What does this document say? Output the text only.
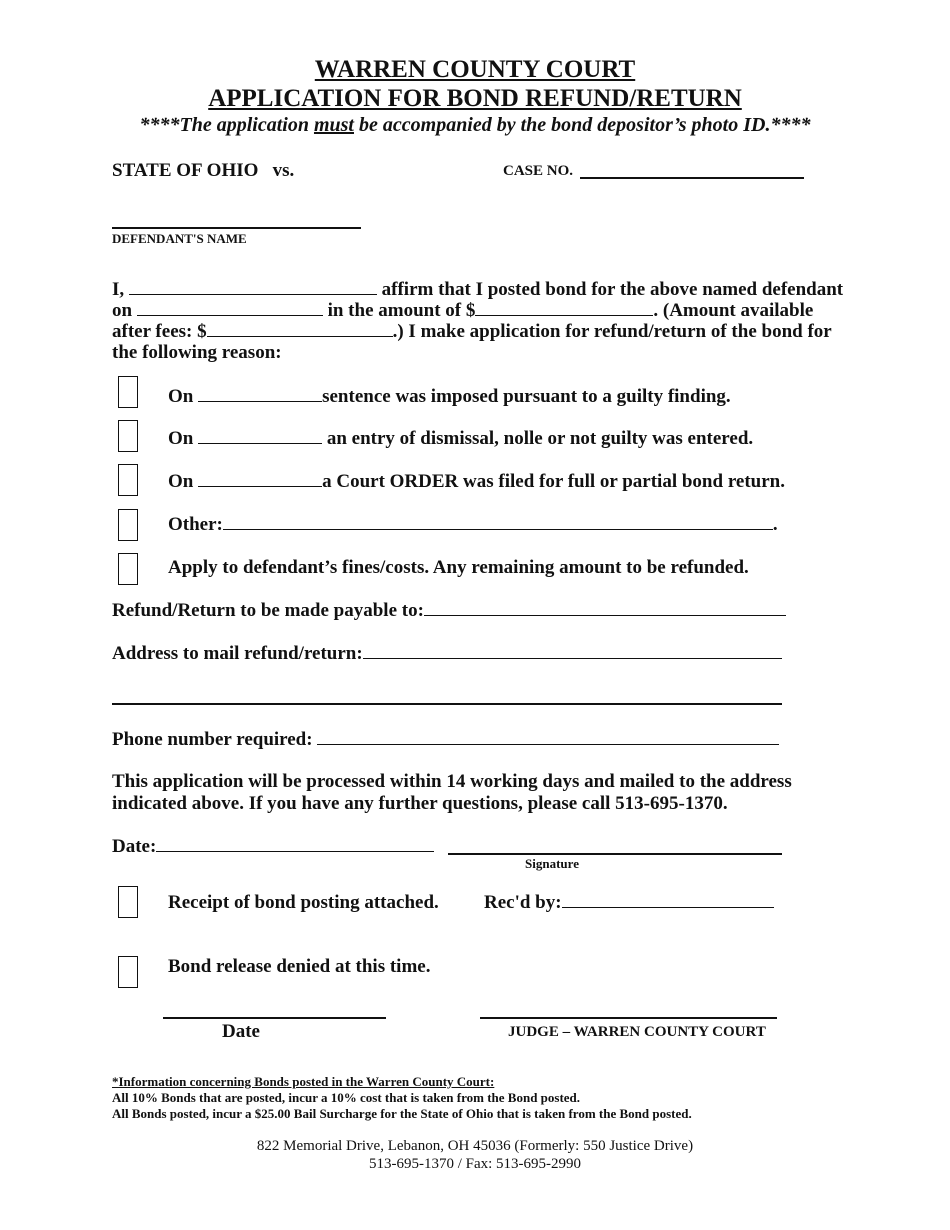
WARREN COUNTY COURT
APPLICATION FOR BOND REFUND/RETURN
****The application must be accompanied by the bond depositor’s photo ID.****
STATE OF OHIO vs.	CASE NO.
DEFENDANT'S NAME
I,	affirm that I posted bond for the above named defendant
on	in the amount of $	. (Amount available
after fees: $	.) I make application for refund/return of the bond for
the following reason:
On	sentence was imposed pursuant to a guilty finding.
On	an entry of dismissal, nolle or not guilty was entered.
On	a Court ORDER was filed for full or partial bond return.
Other:	.
Apply to defendant’s fines/costs. Any remaining amount to be refunded.
Refund/Return to be made payable to:
Address to mail refund/return:
Phone number required:
This application will be processed within 14 working days and mailed to the address
indicated above. If you have any further questions, please call 513-695-1370.
Date:
Signature
Receipt of bond posting attached. Rec'd by:
Bond release denied at this time.
Date	JUDGE – WARREN COUNTY COURT
*Information concerning Bonds posted in the Warren County Court:
All 10% Bonds that are posted, incur a 10% cost that is taken from the Bond posted.
All Bonds posted, incur a $25.00 Bail Surcharge for the State of Ohio that is taken from the Bond posted.
822 Memorial Drive, Lebanon, OH 45036 (Formerly: 550 Justice Drive)
513-695-1370 / Fax: 513-695-2990
